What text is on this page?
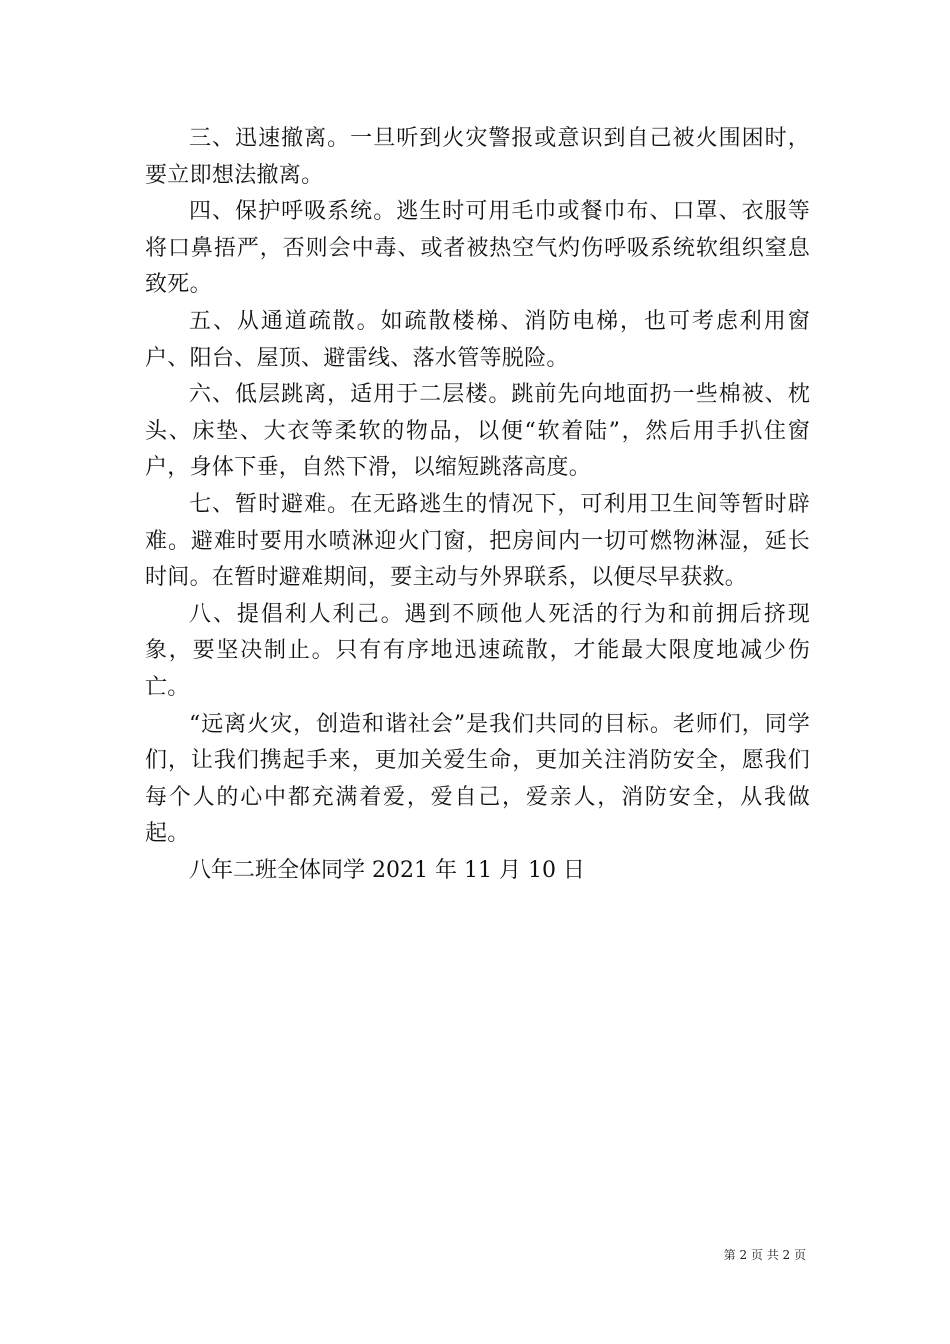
三、迅速撤离。一旦听到火灾警报或意识到自己被火围困时，要立即想法撤离。

四、保护呼吸系统。逃生时可用毛巾或餐巾布、口罩、衣服等将口鼻捂严，否则会中毒、或者被热空气灼伤呼吸系统软组织窒息致死。

五、从通道疏散。如疏散楼梯、消防电梯，也可考虑利用窗户、阳台、屋顶、避雷线、落水管等脱险。

六、低层跳离，适用于二层楼。跳前先向地面扔一些棉被、枕头、床垫、大衣等柔软的物品，以便“软着陆”，然后用手扒住窗户，身体下垂，自然下滑，以缩短跳落高度。

七、暂时避难。在无路逃生的情况下，可利用卫生间等暂时辟难。避难时要用水喷淋迎火门窗，把房间内一切可燃物淋湿，延长时间。在暂时避难期间，要主动与外界联系，以便尽早获救。

八、提倡利人利己。遇到不顾他人死活的行为和前拥后挤现象，要坚决制止。只有有序地迅速疏散，才能最大限度地减少伤亡。

“远离火灾，创造和谐社会”是我们共同的目标。老师们，同学们，让我们携起手来，更加关爱生命，更加关注消防安全，愿我们每个人的心中都充满着爱，爱自己，爱亲人，消防安全，从我做起。

八年二班全体同学 2021 年 11 月 10 日

第 2 页 共 2 页
